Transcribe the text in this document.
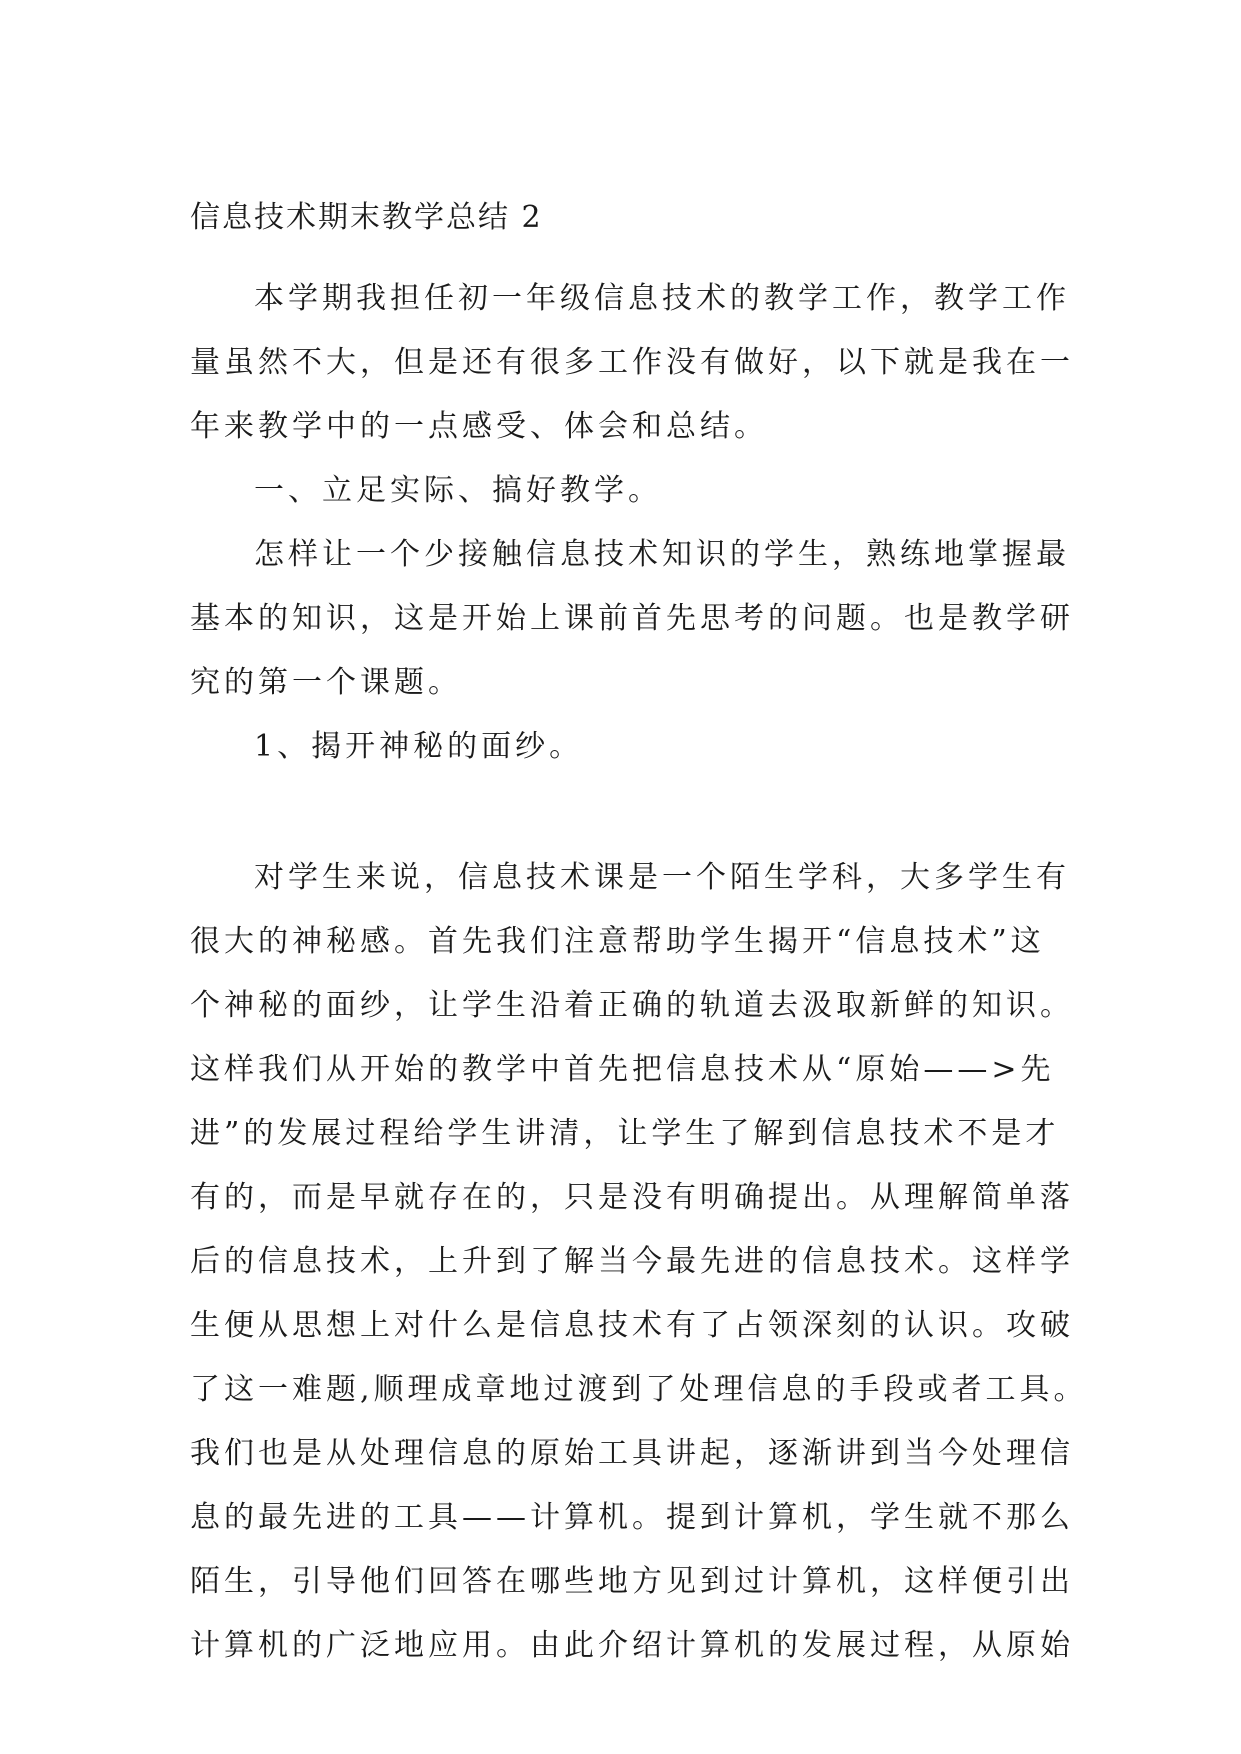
信息技术期末教学总结 2

本学期我担任初一年级信息技术的教学工作，教学工作

量虽然不大，但是还有很多工作没有做好，以下就是我在一

年来教学中的一点感受、体会和总结。

一、立足实际、搞好教学。

怎样让一个少接触信息技术知识的学生，熟练地掌握最

基本的知识，这是开始上课前首先思考的问题。也是教学研

究的第一个课题。

1、揭开神秘的面纱。

对学生来说，信息技术课是一个陌生学科，大多学生有

很大的神秘感。首先我们注意帮助学生揭开“信息技术”这

个神秘的面纱，让学生沿着正确的轨道去汲取新鲜的知识。

这样我们从开始的教学中首先把信息技术从“原始——>先

进”的发展过程给学生讲清，让学生了解到信息技术不是才

有的，而是早就存在的，只是没有明确提出。从理解简单落

后的信息技术，上升到了解当今最先进的信息技术。这样学

生便从思想上对什么是信息技术有了占领深刻的认识。攻破

了这一难题,顺理成章地过渡到了处理信息的手段或者工具。

我们也是从处理信息的原始工具讲起，逐渐讲到当今处理信

息的最先进的工具——计算机。提到计算机，学生就不那么

陌生，引导他们回答在哪些地方见到过计算机，这样便引出

计算机的广泛地应用。由此介绍计算机的发展过程，从原始
